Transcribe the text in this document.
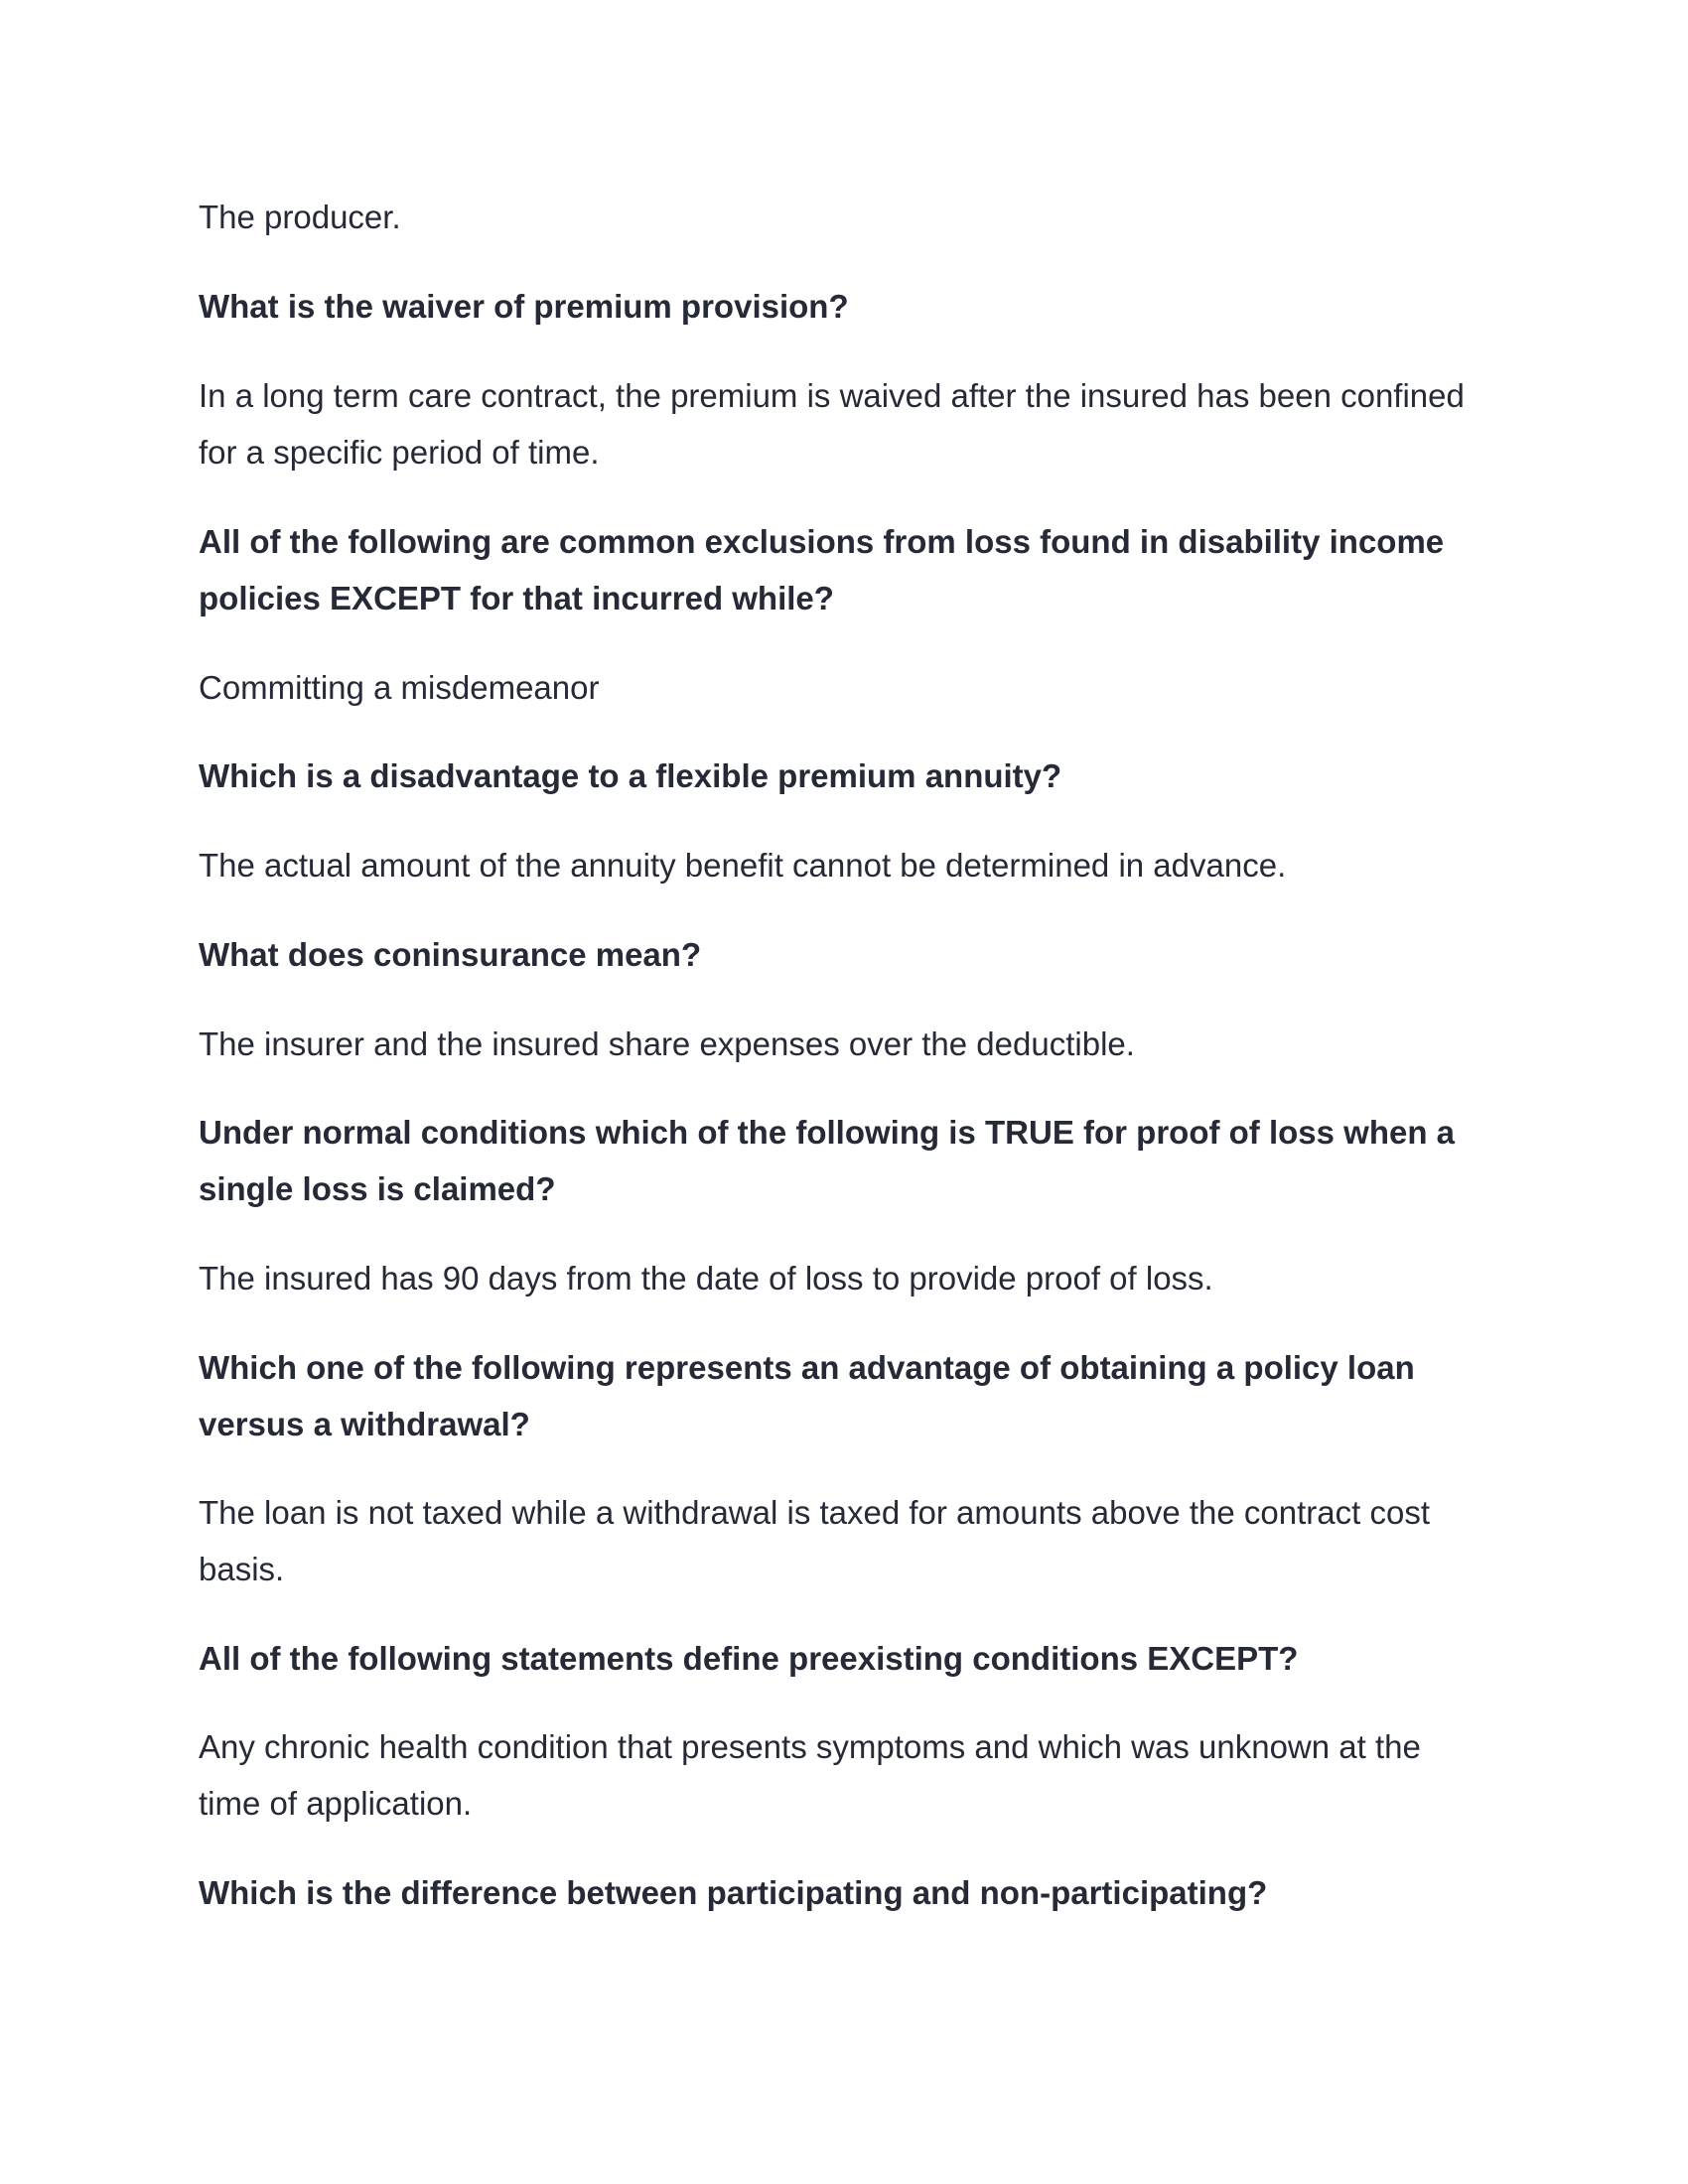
The producer.

What is the waiver of premium provision?

In a long term care contract, the premium is waived after the insured has been confined for a specific period of time.

All of the following are common exclusions from loss found in disability income policies EXCEPT for that incurred while?

Committing a misdemeanor

Which is a disadvantage to a flexible premium annuity?

The actual amount of the annuity benefit cannot be determined in advance.

What does coninsurance mean?

The insurer and the insured share expenses over the deductible.

Under normal conditions which of the following is TRUE for proof of loss when a single loss is claimed?

The insured has 90 days from the date of loss to provide proof of loss.

Which one of the following represents an advantage of obtaining a policy loan versus a withdrawal?

The loan is not taxed while a withdrawal is taxed for amounts above the contract cost basis.

All of the following statements define preexisting conditions EXCEPT?

Any chronic health condition that presents symptoms and which was unknown at the time of application.

Which is the difference between participating and non-participating?
